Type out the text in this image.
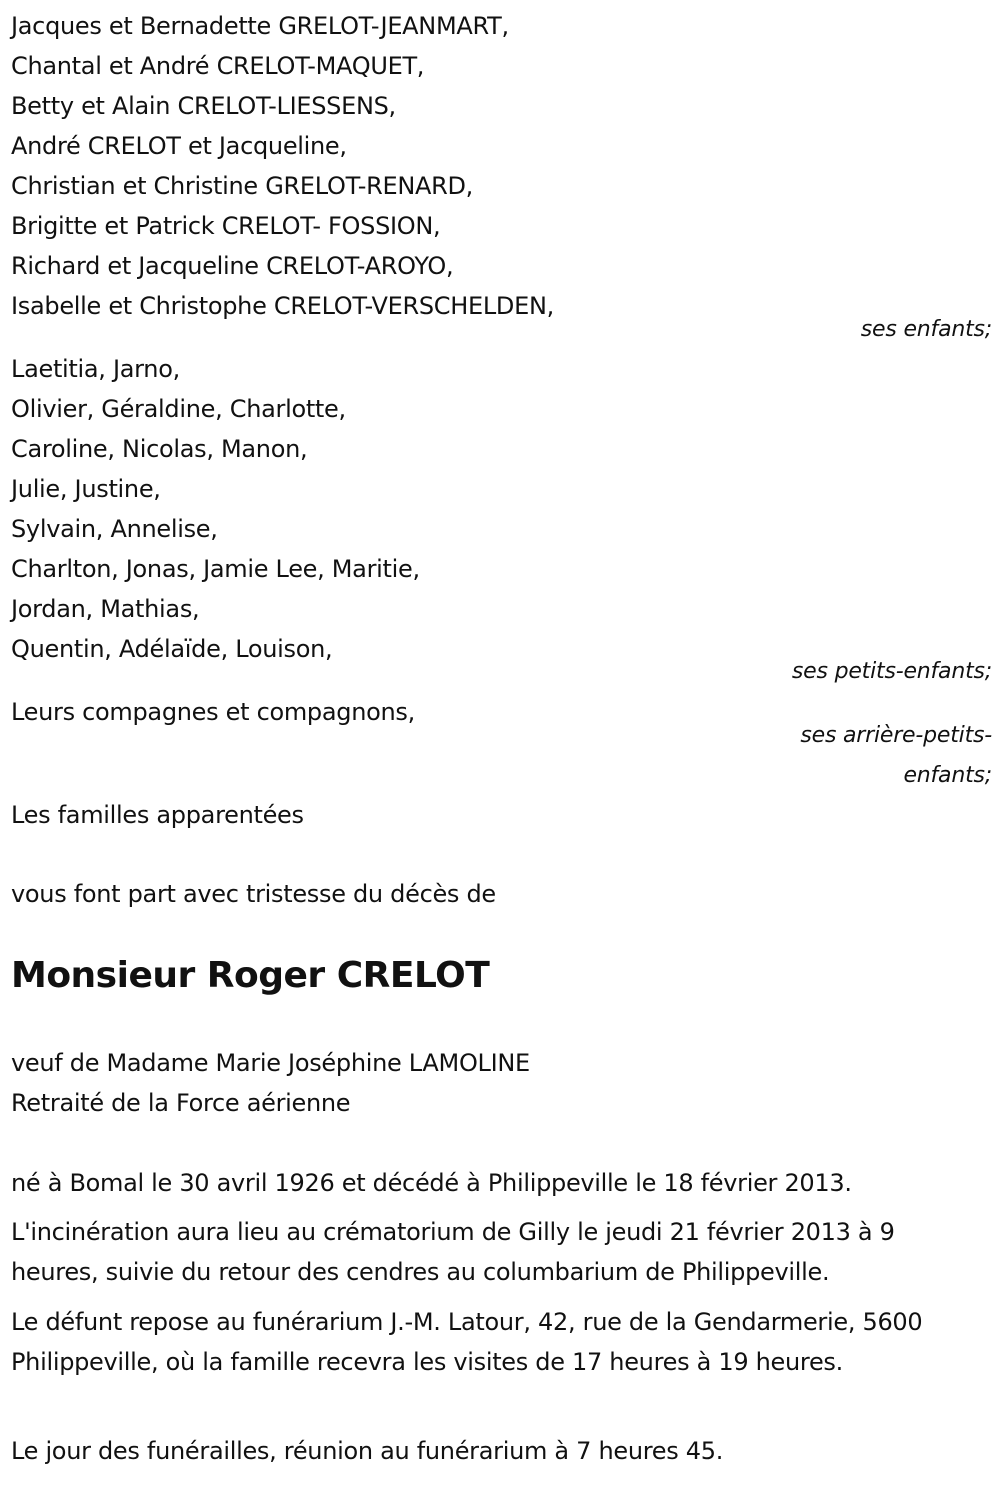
Jacques et Bernadette GRELOT-JEANMART,
Chantal et André CRELOT-MAQUET,
Betty et Alain CRELOT-LIESSENS,
André CRELOT et Jacqueline,
Christian et Christine GRELOT-RENARD,
Brigitte et Patrick CRELOT- FOSSION,
Richard et Jacqueline CRELOT-AROYO,
Isabelle et Christophe CRELOT-VERSCHELDEN,
ses enfants;
Laetitia, Jarno,
Olivier, Géraldine, Charlotte,
Caroline, Nicolas, Manon,
Julie, Justine,
Sylvain, Annelise,
Charlton, Jonas, Jamie Lee, Maritie,
Jordan, Mathias,
Quentin, Adélaïde, Louison,
ses petits-enfants;
Leurs compagnes et compagnons,
ses arrière-petits-
enfants;
Les familles apparentées
vous font part avec tristesse du décès de
Monsieur Roger CRELOT
veuf de Madame Marie Joséphine LAMOLINE
Retraité de la Force aérienne
né à Bomal le 30 avril 1926 et décédé à Philippeville le 18 février 2013.
L'incinération aura lieu au crématorium de Gilly le jeudi 21 février 2013 à 9 heures, suivie du retour des cendres au columbarium de Philippeville.
Le défunt repose au funérarium J.-M. Latour, 42, rue de la Gendarmerie, 5600 Philippeville, où la famille recevra les visites de 17 heures à 19 heures.
Le jour des funérailles, réunion au funérarium à 7 heures 45.
